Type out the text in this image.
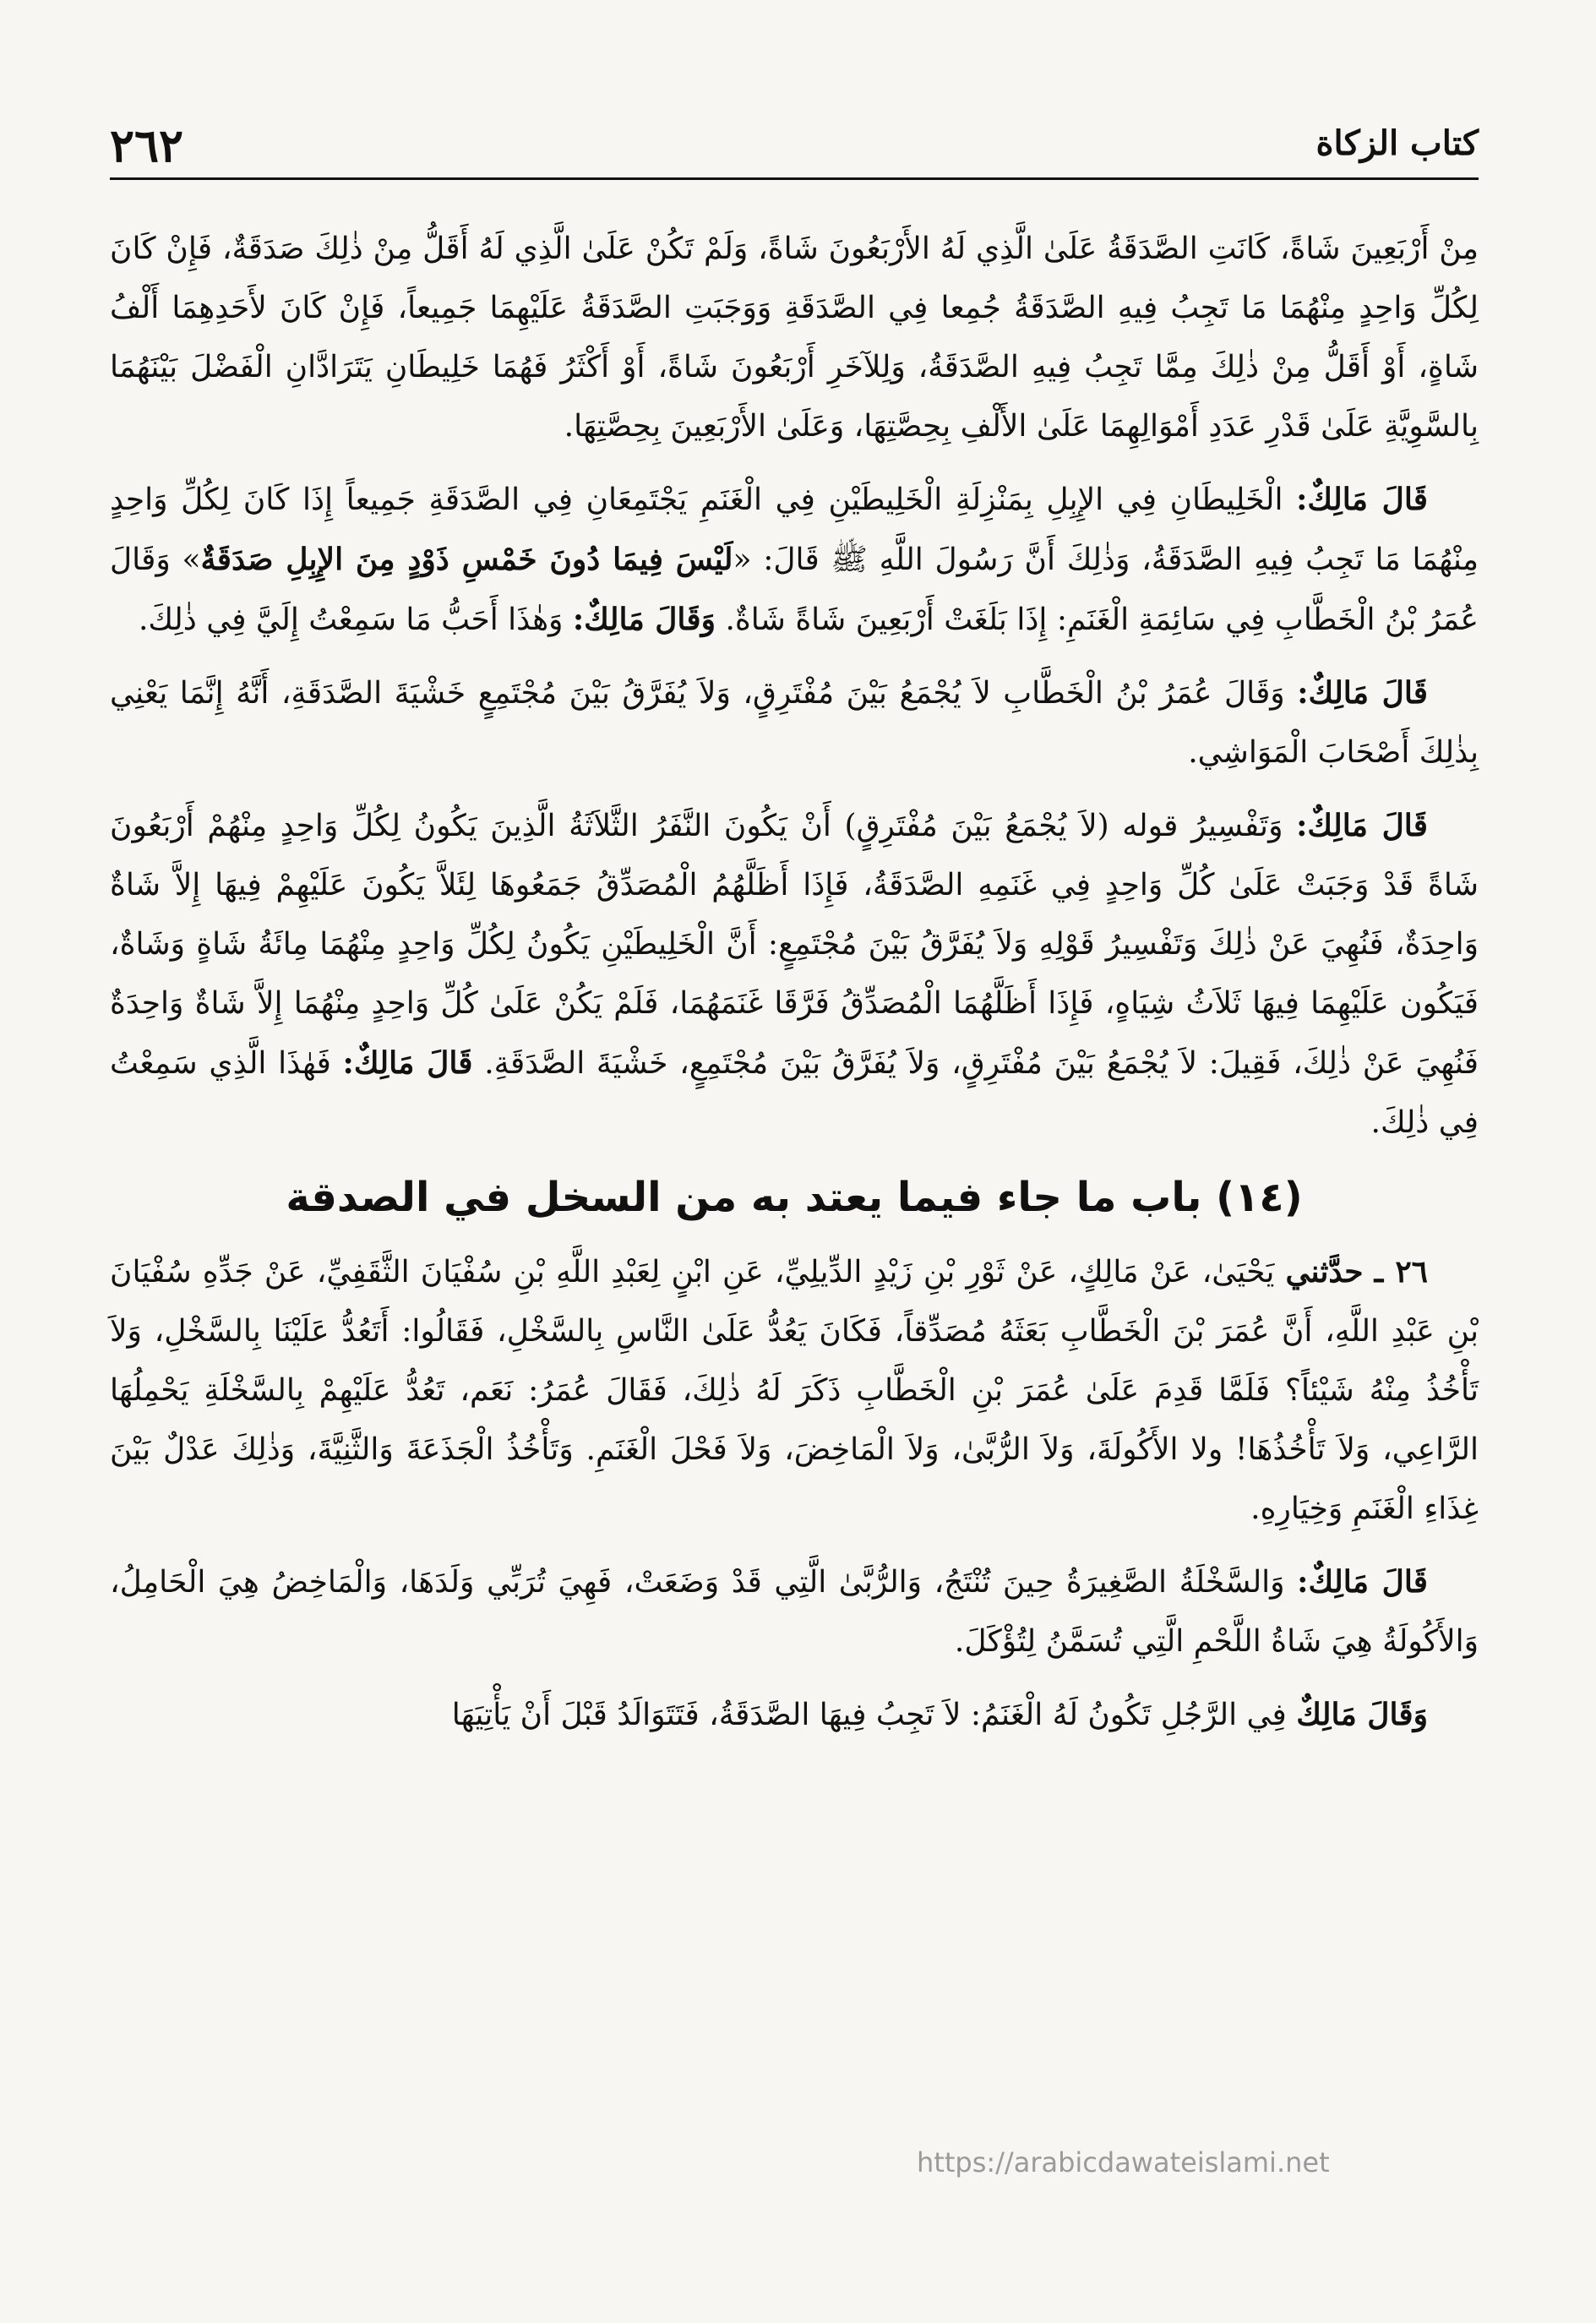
٢٦٢	كتاب الزكاة

مِنْ أَرْبَعِينَ شَاةً، كَانَتِ الصَّدَقَةُ عَلَىٰ الَّذِي لَهُ الأَرْبَعُونَ شَاةً، وَلَمْ تَكُنْ عَلَىٰ الَّذِي لَهُ أَقَلُّ مِنْ ذٰلِكَ صَدَقَةٌ، فَإِنْ كَانَ لِكُلِّ وَاحِدٍ مِنْهُمَا مَا تَجِبُ فِيهِ الصَّدَقَةُ جُمِعا فِي الصَّدَقَةِ وَوَجَبَتِ الصَّدَقَةُ عَلَيْهِمَا جَمِيعاً، فَإِنْ كَانَ لأَحَدِهِمَا أَلْفُ شَاةٍ، أَوْ أَقَلُّ مِنْ ذٰلِكَ مِمَّا تَجِبُ فِيهِ الصَّدَقَةُ، وَلِلآخَرِ أَرْبَعُونَ شَاةً، أَوْ أَكْثَرُ فَهُمَا خَلِيطَانِ يَتَرَادَّانِ الْفَضْلَ بَيْنَهُمَا بِالسَّوِيَّةِ عَلَىٰ قَدْرِ عَدَدِ أَمْوَالِهِمَا عَلَىٰ الأَلْفِ بِحِصَّتِهَا، وَعَلَىٰ الأَرْبَعِينَ بِحِصَّتِهَا.

قَالَ مَالِكٌ: الْخَلِيطَانِ فِي الإِبِلِ بِمَنْزِلَةِ الْخَلِيطَيْنِ فِي الْغَنَمِ يَجْتَمِعَانِ فِي الصَّدَقَةِ جَمِيعاً إِذَا كَانَ لِكُلِّ وَاحِدٍ مِنْهُمَا مَا تَجِبُ فِيهِ الصَّدَقَةُ، وَذٰلِكَ أَنَّ رَسُولَ اللَّهِ ﷺ قَالَ: «لَيْسَ فِيمَا دُونَ خَمْسِ ذَوْدٍ مِنَ الإِبِلِ صَدَقَةٌ» وَقَالَ عُمَرُ بْنُ الْخَطَّابِ فِي سَائِمَةِ الْغَنَمِ: إِذَا بَلَغَتْ أَرْبَعِينَ شَاةً شَاةٌ. وَقَالَ مَالِكٌ: وَهٰذَا أَحَبُّ مَا سَمِعْتُ إِلَيَّ فِي ذٰلِكَ.

قَالَ مَالِكٌ: وَقَالَ عُمَرُ بْنُ الْخَطَّابِ لاَ يُجْمَعُ بَيْنَ مُفْتَرِقٍ، وَلاَ يُفَرَّقُ بَيْنَ مُجْتَمِعٍ خَشْيَةَ الصَّدَقَةِ، أَنَّهُ إِنَّمَا يَعْنِي بِذٰلِكَ أَصْحَابَ الْمَوَاشِي.

قَالَ مَالِكٌ: وَتَفْسِيرُ قوله (لاَ يُجْمَعُ بَيْنَ مُفْتَرِقٍ) أَنْ يَكُونَ النَّفَرُ الثَّلاَثَةُ الَّذِينَ يَكُونُ لِكُلِّ وَاحِدٍ مِنْهُمْ أَرْبَعُونَ شَاةً قَدْ وَجَبَتْ عَلَىٰ كُلِّ وَاحِدٍ فِي غَنَمِهِ الصَّدَقَةُ، فَإِذَا أَظَلَّهُمُ الْمُصَدِّقُ جَمَعُوهَا لِئَلاَّ يَكُونَ عَلَيْهِمْ فِيهَا إِلاَّ شَاةٌ وَاحِدَةٌ، فَنُهِيَ عَنْ ذٰلِكَ وَتَفْسِيرُ قَوْلِهِ وَلاَ يُفَرَّقُ بَيْنَ مُجْتَمِعٍ: أَنَّ الْخَلِيطَيْنِ يَكُونُ لِكُلِّ وَاحِدٍ مِنْهُمَا مِائَةُ شَاةٍ وَشَاةٌ، فَيَكُون عَلَيْهِمَا فِيهَا ثَلاَثُ شِيَاهٍ، فَإِذَا أَظَلَّهُمَا الْمُصَدِّقُ فَرَّقَا غَنَمَهُمَا، فَلَمْ يَكُنْ عَلَىٰ كُلِّ وَاحِدٍ مِنْهُمَا إِلاَّ شَاةٌ وَاحِدَةٌ فَنُهِيَ عَنْ ذٰلِكَ، فَقِيلَ: لاَ يُجْمَعُ بَيْنَ مُفْتَرِقٍ، وَلاَ يُفَرَّقُ بَيْنَ مُجْتَمِعٍ، خَشْيَةَ الصَّدَقَةِ. قَالَ مَالِكٌ: فَهٰذَا الَّذِي سَمِعْتُ فِي ذٰلِكَ.

(١٤) باب ما جاء فيما يعتد به من السخل في الصدقة

٢٦ ـ حدَّثني يَحْيَىٰ، عَنْ مَالِكٍ، عَنْ ثَوْرِ بْنِ زَيْدٍ الدِّيلِيِّ، عَنِ ابْنٍ لِعَبْدِ اللَّهِ بْنِ سُفْيَانَ الثَّقَفِيِّ، عَنْ جَدِّهِ سُفْيَانَ بْنِ عَبْدِ اللَّهِ، أَنَّ عُمَرَ بْنَ الْخَطَّابِ بَعَثَهُ مُصَدِّقاً، فَكَانَ يَعُدُّ عَلَىٰ النَّاسِ بِالسَّخْلِ، فَقَالُوا: أَتَعُدُّ عَلَيْنَا بِالسَّخْلِ، وَلاَ تَأْخُذُ مِنْهُ شَيْئاً؟ فَلَمَّا قَدِمَ عَلَىٰ عُمَرَ بْنِ الْخَطَّابِ ذَكَرَ لَهُ ذٰلِكَ، فَقَالَ عُمَرُ: نَعَم، تَعُدُّ عَلَيْهِمْ بِالسَّخْلَةِ يَحْمِلُهَا الرَّاعِي، وَلاَ تَأْخُذُهَا! ولا الأَكُولَةَ، وَلاَ الرُّبَّىٰ، وَلاَ الْمَاخِضَ، وَلاَ فَحْلَ الْغَنَمِ. وَتَأْخُذُ الْجَذَعَةَ وَالثَّنِيَّةَ، وَذٰلِكَ عَدْلٌ بَيْنَ غِذَاءِ الْغَنَمِ وَخِيَارِهِ.

قَالَ مَالِكٌ: وَالسَّخْلَةُ الصَّغِيرَةُ حِينَ تُنْتَجُ، وَالرُّبَّىٰ الَّتِي قَدْ وَضَعَتْ، فَهِيَ تُرَبِّي وَلَدَهَا، وَالْمَاخِضُ هِيَ الْحَامِلُ، وَالأَكُولَةُ هِيَ شَاةُ اللَّحْمِ الَّتِي تُسَمَّنُ لِتُؤْكَلَ.

وَقَالَ مَالِكٌ فِي الرَّجُلِ تَكُونُ لَهُ الْغَنَمُ: لاَ تَجِبُ فِيهَا الصَّدَقَةُ، فَتَتَوَالَدُ قَبْلَ أَنْ يَأْتِيَهَا

https://arabicdawateislami.net
